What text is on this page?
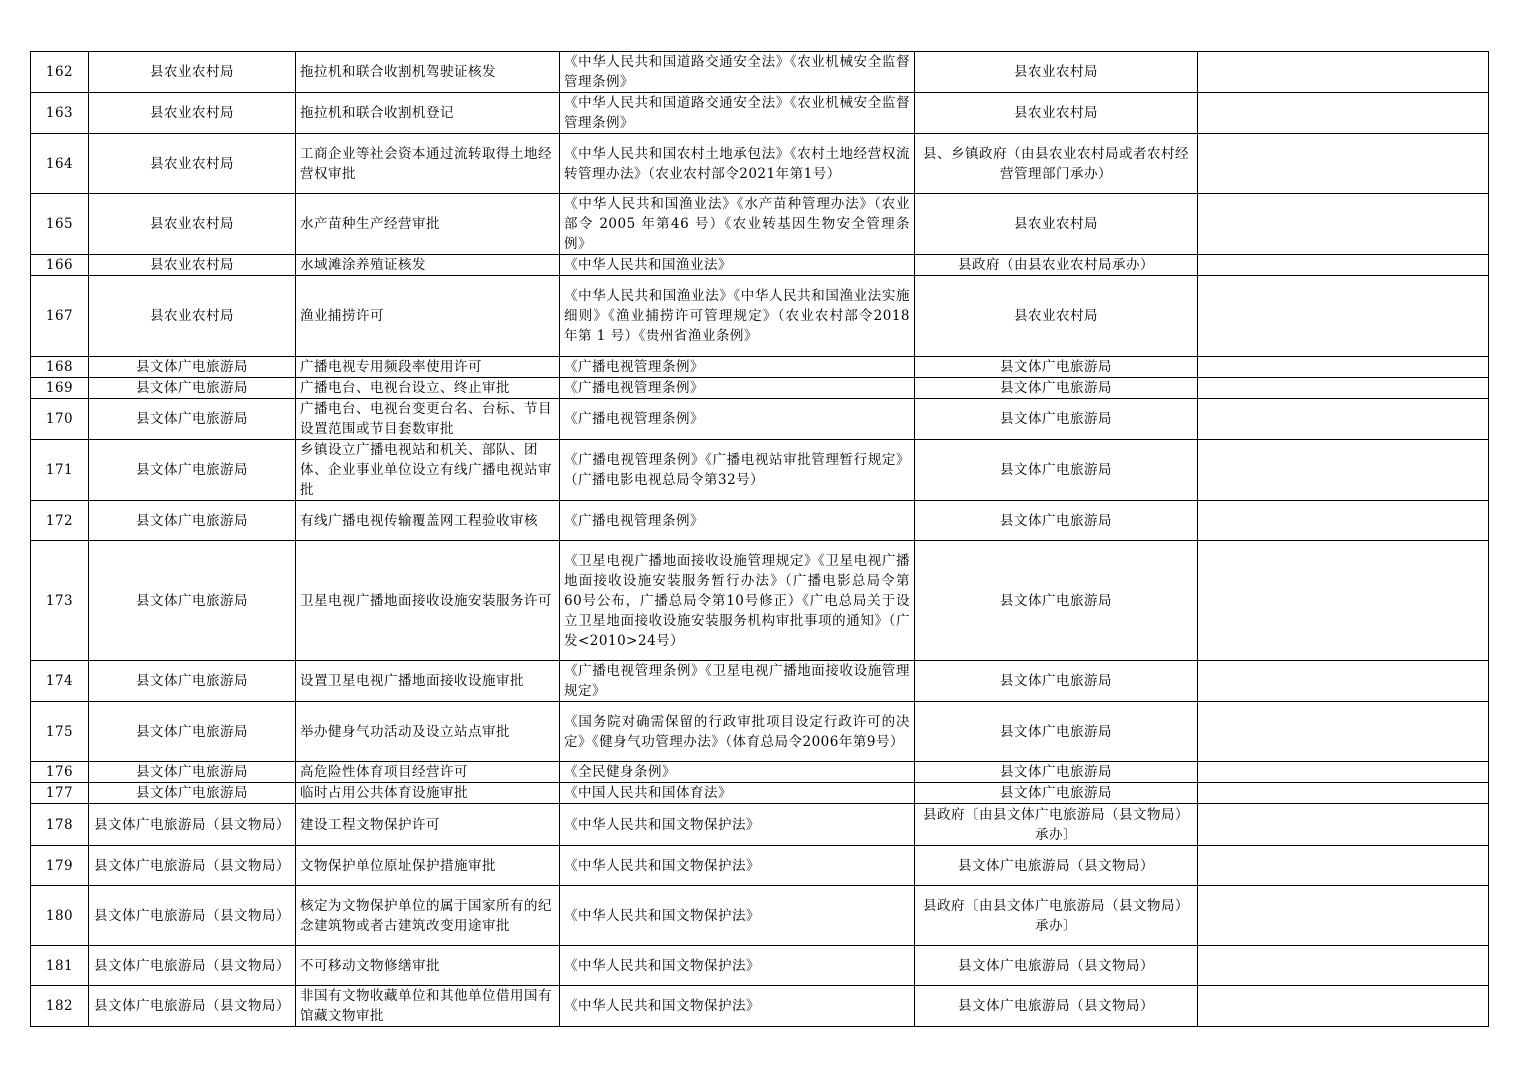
162	县农业农村局	拖拉机和联合收割机驾驶证核发	《中华人民共和国道路交通安全法》《农业机械安全监督管理条例》	县农业农村局	
163	县农业农村局	拖拉机和联合收割机登记	《中华人民共和国道路交通安全法》《农业机械安全监督管理条例》	县农业农村局	
164	县农业农村局	工商企业等社会资本通过流转取得土地经营权审批	《中华人民共和国农村土地承包法》《农村土地经营权流转管理办法》（农业农村部令2021年第1号）	县、乡镇政府（由县农业农村局或者农村经营管理部门承办）	
165	县农业农村局	水产苗种生产经营审批	《中华人民共和国渔业法》《水产苗种管理办法》（农业部令 2005 年第46 号）《农业转基因生物安全管理条例》	县农业农村局	
166	县农业农村局	水域滩涂养殖证核发	《中华人民共和国渔业法》	县政府（由县农业农村局承办）	
167	县农业农村局	渔业捕捞许可	《中华人民共和国渔业法》《中华人民共和国渔业法实施细则》《渔业捕捞许可管理规定》（农业农村部令2018 年第 1 号）《贵州省渔业条例》	县农业农村局	
168	县文体广电旅游局	广播电视专用频段率使用许可	《广播电视管理条例》	县文体广电旅游局	
169	县文体广电旅游局	广播电台、电视台设立、终止审批	《广播电视管理条例》	县文体广电旅游局	
170	县文体广电旅游局	广播电台、电视台变更台名、台标、节目设置范围或节目套数审批	《广播电视管理条例》	县文体广电旅游局	
171	县文体广电旅游局	乡镇设立广播电视站和机关、部队、团体、企业事业单位设立有线广播电视站审批	《广播电视管理条例》《广播电视站审批管理暂行规定》（广播电影电视总局令第32号）	县文体广电旅游局	
172	县文体广电旅游局	有线广播电视传输覆盖网工程验收审核	《广播电视管理条例》	县文体广电旅游局	
173	县文体广电旅游局	卫星电视广播地面接收设施安装服务许可	《卫星电视广播地面接收设施管理规定》《卫星电视广播地面接收设施安装服务暂行办法》（广播电影总局令第60号公布，广播总局令第10号修正）《广电总局关于设立卫星地面接收设施安装服务机构审批事项的通知》（广发<2010>24号）	县文体广电旅游局	
174	县文体广电旅游局	设置卫星电视广播地面接收设施审批	《广播电视管理条例》《卫星电视广播地面接收设施管理规定》	县文体广电旅游局	
175	县文体广电旅游局	举办健身气功活动及设立站点审批	《国务院对确需保留的行政审批项目设定行政许可的决定》《健身气功管理办法》（体育总局令2006年第9号）	县文体广电旅游局	
176	县文体广电旅游局	高危险性体育项目经营许可	《全民健身条例》	县文体广电旅游局	
177	县文体广电旅游局	临时占用公共体育设施审批	《中国人民共和国体育法》	县文体广电旅游局	
178	县文体广电旅游局（县文物局）	建设工程文物保护许可	《中华人民共和国文物保护法》	县政府〔由县文体广电旅游局（县文物局）承办〕	
179	县文体广电旅游局（县文物局）	文物保护单位原址保护措施审批	《中华人民共和国文物保护法》	县文体广电旅游局（县文物局）	
180	县文体广电旅游局（县文物局）	核定为文物保护单位的属于国家所有的纪念建筑物或者古建筑改变用途审批	《中华人民共和国文物保护法》	县政府〔由县文体广电旅游局（县文物局）承办〕	
181	县文体广电旅游局（县文物局）	不可移动文物修缮审批	《中华人民共和国文物保护法》	县文体广电旅游局（县文物局）	
182	县文体广电旅游局（县文物局）	非国有文物收藏单位和其他单位借用国有馆藏文物审批	《中华人民共和国文物保护法》	县文体广电旅游局（县文物局）	
